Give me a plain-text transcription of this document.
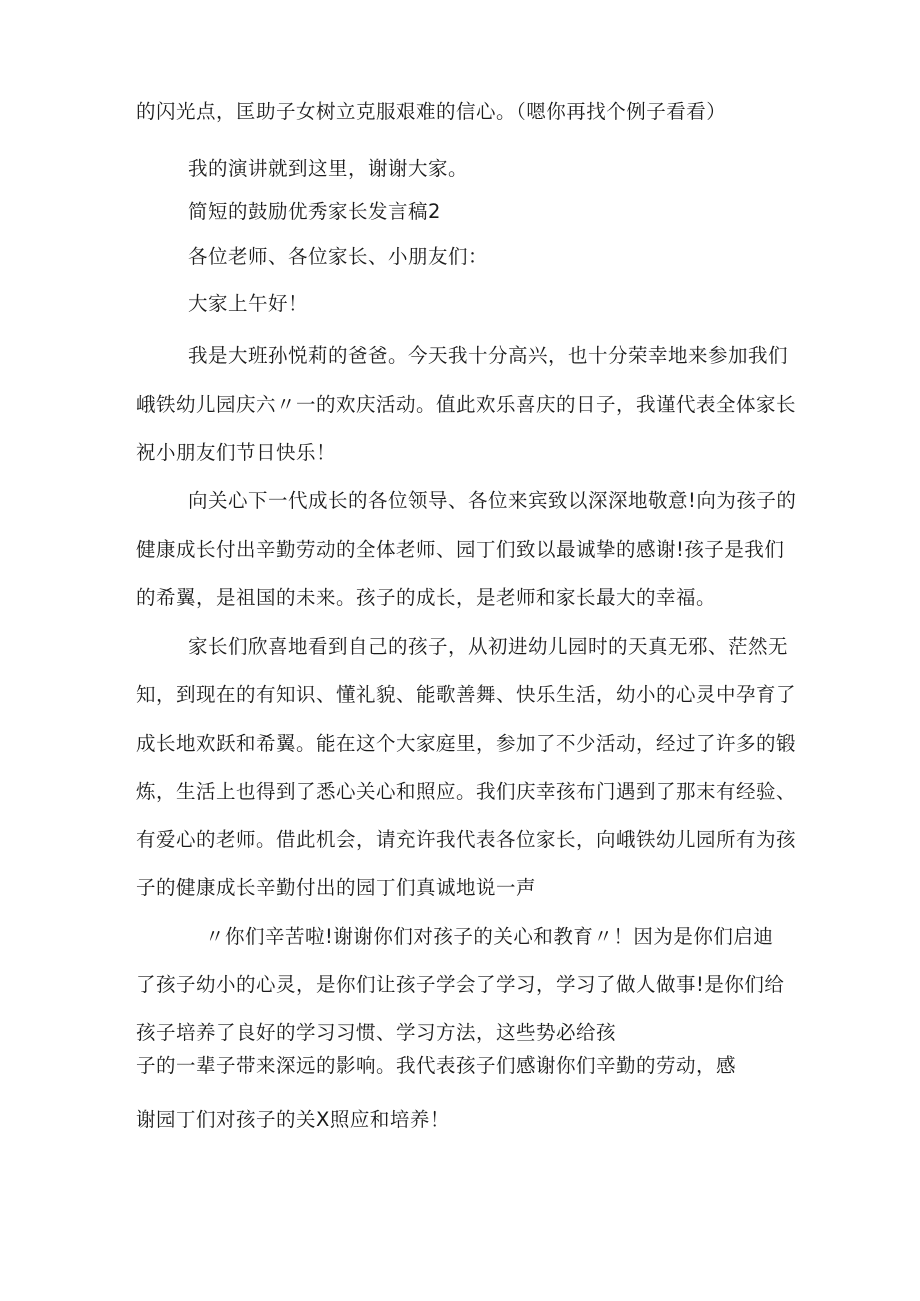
的闪光点，匡助子女树立克服艰难的信心。（嗯你再找个例子看看）
我的演讲就到这里，谢谢大家。
简短的鼓励优秀家长发言稿2
各位老师、各位家长、小朋友们：
大家上午好！
我是大班孙悦莉的爸爸。今天我十分高兴，也十分荣幸地来参加我们
峨铁幼儿园庆六〃一的欢庆活动。值此欢乐喜庆的日子，我谨代表全体家长
祝小朋友们节日快乐！
向关心下一代成长的各位领导、各位来宾致以深深地敬意!向为孩子的
健康成长付出辛勤劳动的全体老师、园丁们致以最诚挚的感谢!孩子是我们
的希翼，是祖国的未来。孩子的成长，是老师和家长最大的幸福。
家长们欣喜地看到自己的孩子，从初进幼儿园时的天真无邪、茫然无
知，到现在的有知识、懂礼貌、能歌善舞、快乐生活，幼小的心灵中孕育了
成长地欢跃和希翼。能在这个大家庭里，参加了不少活动，经过了许多的锻
炼，生活上也得到了悉心关心和照应。我们庆幸孩布门遇到了那末有经验、
有爱心的老师。借此机会，请充许我代表各位家长，向峨铁幼儿园所有为孩
子的健康成长辛勤付出的园丁们真诚地说一声
〃你们辛苦啦!谢谢你们对孩子的关心和教育〃！因为是你们启迪
了孩子幼小的心灵，是你们让孩子学会了学习，学习了做人做事!是你们给
孩子培养了良好的学习习惯、学习方法，这些势必给孩
子的一辈子带来深远的影响。我代表孩子们感谢你们辛勤的劳动，感
谢园丁们对孩子的关X照应和培养！
